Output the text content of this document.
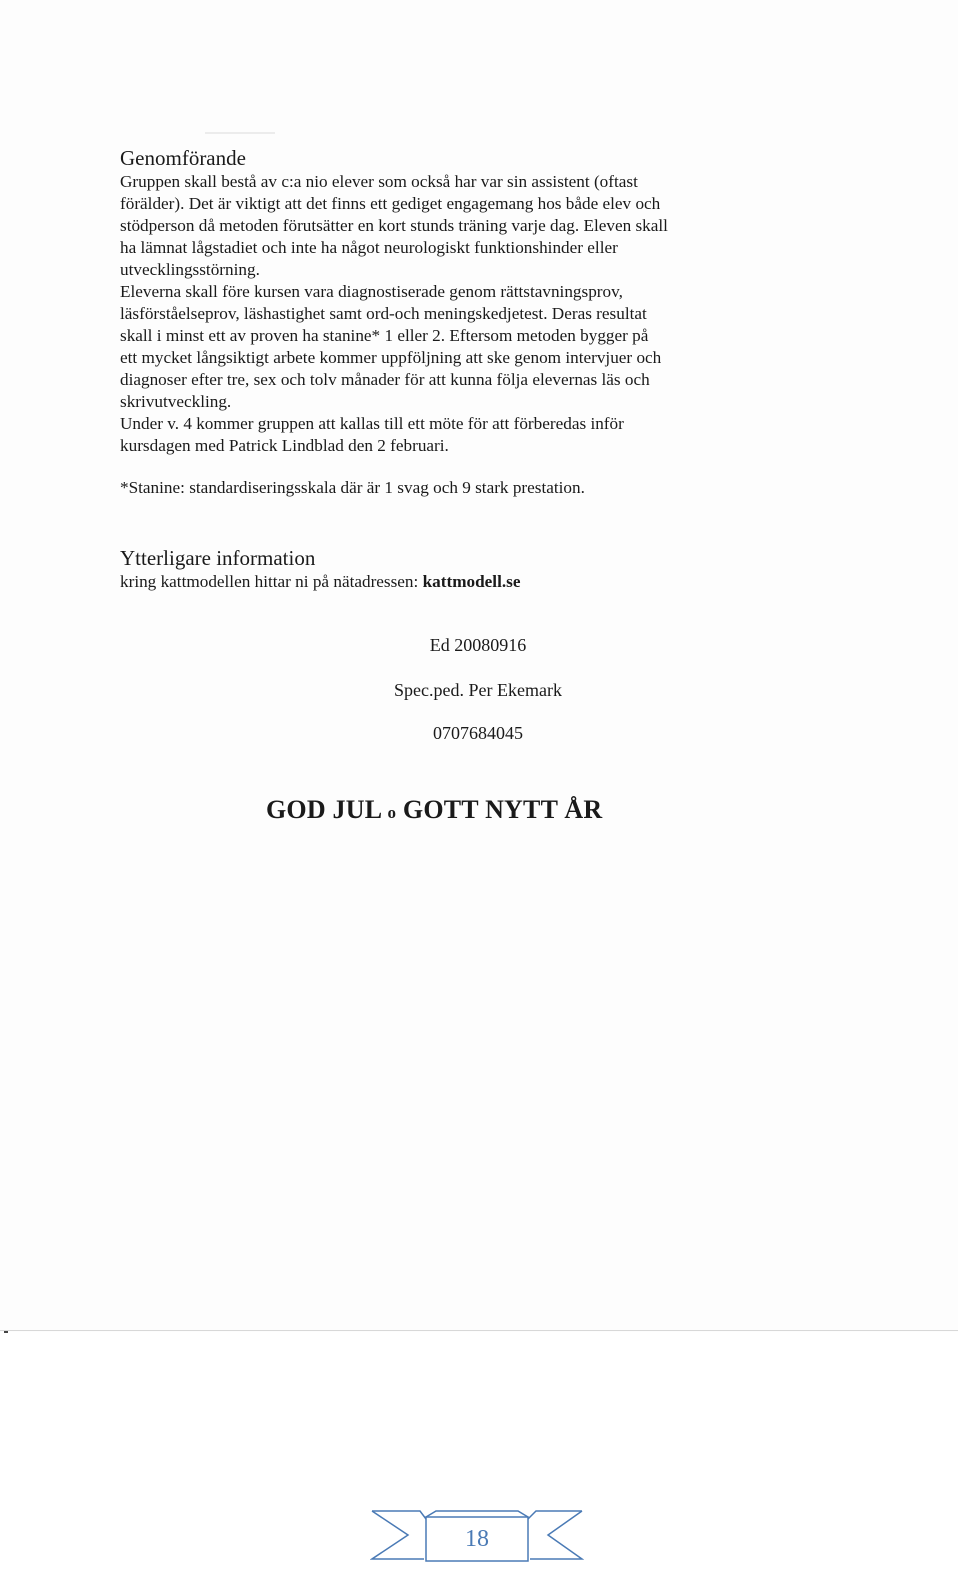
Genomförande

Gruppen skall bestå av c:a nio elever som också har var sin assistent (oftast

förälder). Det är viktigt att det finns ett gediget engagemang hos både elev och

stödperson då metoden förutsätter en kort stunds träning varje dag. Eleven skall

ha lämnat lågstadiet och inte ha något neurologiskt funktionshinder eller

utvecklingsstörning.

Eleverna skall före kursen vara diagnostiserade genom rättstavningsprov,

läsförståelseprov, läshastighet samt ord-och meningskedjetest. Deras resultat

skall i minst ett av proven ha stanine* 1 eller 2. Eftersom metoden bygger på

ett mycket långsiktigt arbete kommer uppföljning att ske genom intervjuer och

diagnoser efter tre, sex och tolv månader för att kunna följa elevernas läs och

skrivutveckling.

Under v. 4 kommer gruppen att kallas till ett möte för att förberedas inför

kursdagen med Patrick Lindblad den 2 februari.

*Stanine: standardiseringsskala där är 1 svag och 9 stark prestation.

Ytterligare information

kring kattmodellen hittar ni på nätadressen: kattmodell.se

Ed 20080916
Spec.ped. Per Ekemark
0707684045
GOD JUL o GOTT NYTT ÅR
18
